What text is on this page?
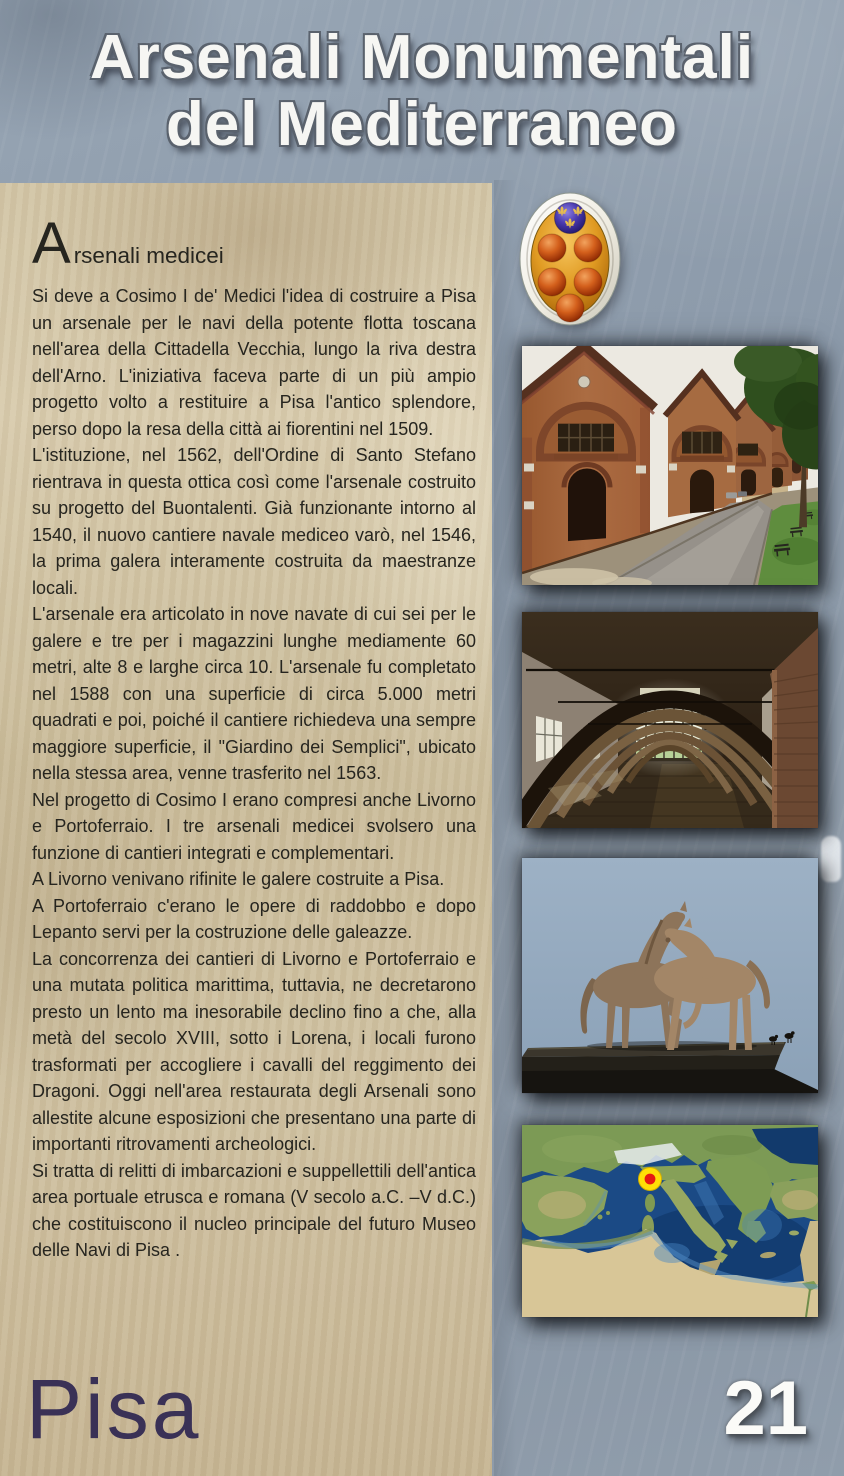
Arsenali Monumentali
del Mediterraneo
Arsenali medicei

Si deve a Cosimo I de' Medici l'idea di costruire a Pisa un arsenale per le navi della potente flotta toscana nell'area della Cittadella Vecchia, lungo la riva destra dell'Arno. L'iniziativa faceva parte di un più ampio progetto volto a restituire a Pisa l'antico splendore, perso dopo la resa della città ai fiorentini nel 1509.

L'istituzione, nel 1562, dell'Ordine di Santo Stefano rientrava in questa ottica così come l'arsenale costruito su progetto del Buontalenti. Già funzionante intorno al 1540, il nuovo cantiere navale mediceo varò, nel 1546, la prima galera interamente costruita da maestranze locali.

L'arsenale era articolato in nove navate di cui sei per le galere e tre per i magazzini lunghe mediamente 60 metri, alte 8 e larghe circa 10. L'arsenale fu completato nel 1588 con una superficie di circa 5.000 metri quadrati e poi, poiché il cantiere richiedeva una sempre maggiore superficie, il "Giardino dei Semplici", ubicato nella stessa area, venne trasferito nel 1563.

Nel progetto di Cosimo I erano compresi anche Livorno e Portoferraio. I tre arsenali medicei svolsero una funzione di cantieri integrati e complementari.

A Livorno venivano rifinite le galere costruite a Pisa.

A Portoferraio c'erano le opere di raddobbo e dopo Lepanto servi per la costruzione delle galeazze.

La concorrenza dei cantieri di Livorno e Portoferraio e una mutata politica marittima, tuttavia, ne decretarono presto un lento ma inesorabile declino fino a che, alla metà del secolo XVIII, sotto i Lorena, i locali furono trasformati per accogliere i cavalli del reggimento dei Dragoni. Oggi nell'area restaurata degli Arsenali sono allestite alcune esposizioni che presentano una parte di importanti ritrovamenti archeologici.

Si tratta di relitti di imbarcazioni e suppellettili dell'antica area portuale etrusca e romana (V secolo a.C. –V d.C.) che costituiscono il nucleo principale del futuro Museo delle Navi di Pisa .

Pisa	21
